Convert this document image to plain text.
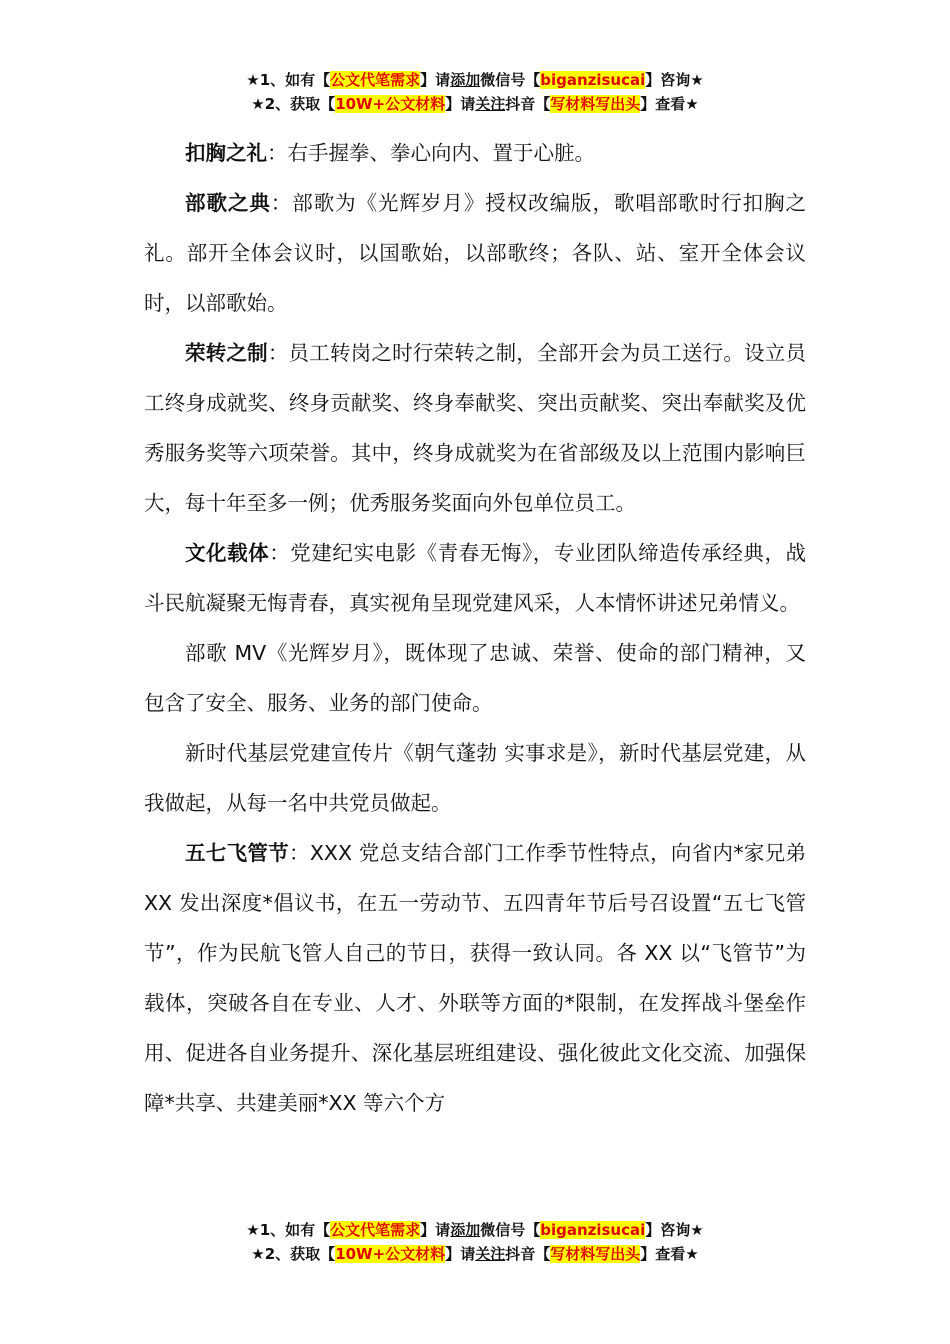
★1、如有【公文代笔需求】请添加微信号【biganzisucai】咨询★
★2、获取【10W+公文材料】请关注抖音【写材料写出头】查看★

扣胸之礼：右手握拳、拳心向内、置于心脏。

部歌之典：部歌为《光辉岁月》授权改编版，歌唱部歌时行扣胸之礼。部开全体会议时，以国歌始，以部歌终；各队、站、室开全体会议时，以部歌始。

荣转之制：员工转岗之时行荣转之制，全部开会为员工送行。设立员工终身成就奖、终身贡献奖、终身奉献奖、突出贡献奖、突出奉献奖及优秀服务奖等六项荣誉。其中，终身成就奖为在省部级及以上范围内影响巨大，每十年至多一例；优秀服务奖面向外包单位员工。

文化载体：党建纪实电影《青春无悔》，专业团队缔造传承经典，战斗民航凝聚无悔青春，真实视角呈现党建风采，人本情怀讲述兄弟情义。

部歌 MV《光辉岁月》，既体现了忠诚、荣誉、使命的部门精神，又包含了安全、服务、业务的部门使命。

新时代基层党建宣传片《朝气蓬勃 实事求是》，新时代基层党建，从我做起，从每一名中共党员做起。

五七飞管节：XXX 党总支结合部门工作季节性特点，向省内*家兄弟 XX 发出深度*倡议书，在五一劳动节、五四青年节后号召设置“五七飞管节”，作为民航飞管人自己的节日，获得一致认同。各 XX 以“飞管节”为载体，突破各自在专业、人才、外联等方面的*限制，在发挥战斗堡垒作用、促进各自业务提升、深化基层班组建设、强化彼此文化交流、加强保障*共享、共建美丽*XX 等六个方

★1、如有【公文代笔需求】请添加微信号【biganzisucai】咨询★
★2、获取【10W+公文材料】请关注抖音【写材料写出头】查看★
